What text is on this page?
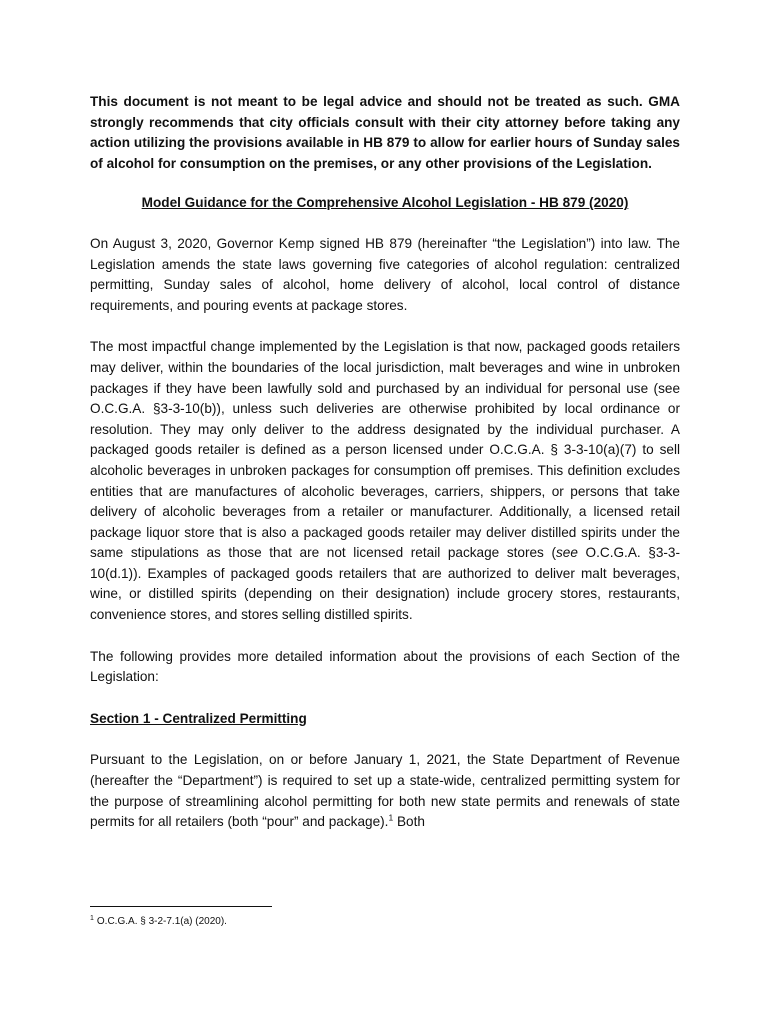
This document is not meant to be legal advice and should not be treated as such. GMA strongly recommends that city officials consult with their city attorney before taking any action utilizing the provisions available in HB 879 to allow for earlier hours of Sunday sales of alcohol for consumption on the premises, or any other provisions of the Legislation.

Model Guidance for the Comprehensive Alcohol Legislation - HB 879 (2020)

On August 3, 2020, Governor Kemp signed HB 879 (hereinafter “the Legislation”) into law. The Legislation amends the state laws governing five categories of alcohol regulation: centralized permitting, Sunday sales of alcohol, home delivery of alcohol, local control of distance requirements, and pouring events at package stores.

The most impactful change implemented by the Legislation is that now, packaged goods retailers may deliver, within the boundaries of the local jurisdiction, malt beverages and wine in unbroken packages if they have been lawfully sold and purchased by an individual for personal use (see O.C.G.A. §3-3-10(b)), unless such deliveries are otherwise prohibited by local ordinance or resolution. They may only deliver to the address designated by the individual purchaser. A packaged goods retailer is defined as a person licensed under O.C.G.A. § 3-3-10(a)(7) to sell alcoholic beverages in unbroken packages for consumption off premises. This definition excludes entities that are manufactures of alcoholic beverages, carriers, shippers, or persons that take delivery of alcoholic beverages from a retailer or manufacturer. Additionally, a licensed retail package liquor store that is also a packaged goods retailer may deliver distilled spirits under the same stipulations as those that are not licensed retail package stores (see O.C.G.A. §3-3-10(d.1)). Examples of packaged goods retailers that are authorized to deliver malt beverages, wine, or distilled spirits (depending on their designation) include grocery stores, restaurants, convenience stores, and stores selling distilled spirits.

The following provides more detailed information about the provisions of each Section of the Legislation:

Section 1 - Centralized Permitting

Pursuant to the Legislation, on or before January 1, 2021, the State Department of Revenue (hereafter the “Department”) is required to set up a state-wide, centralized permitting system for the purpose of streamlining alcohol permitting for both new state permits and renewals of state permits for all retailers (both “pour” and package).$^1$ Both

$^1$ O.C.G.A. § 3-2-7.1(a) (2020).
